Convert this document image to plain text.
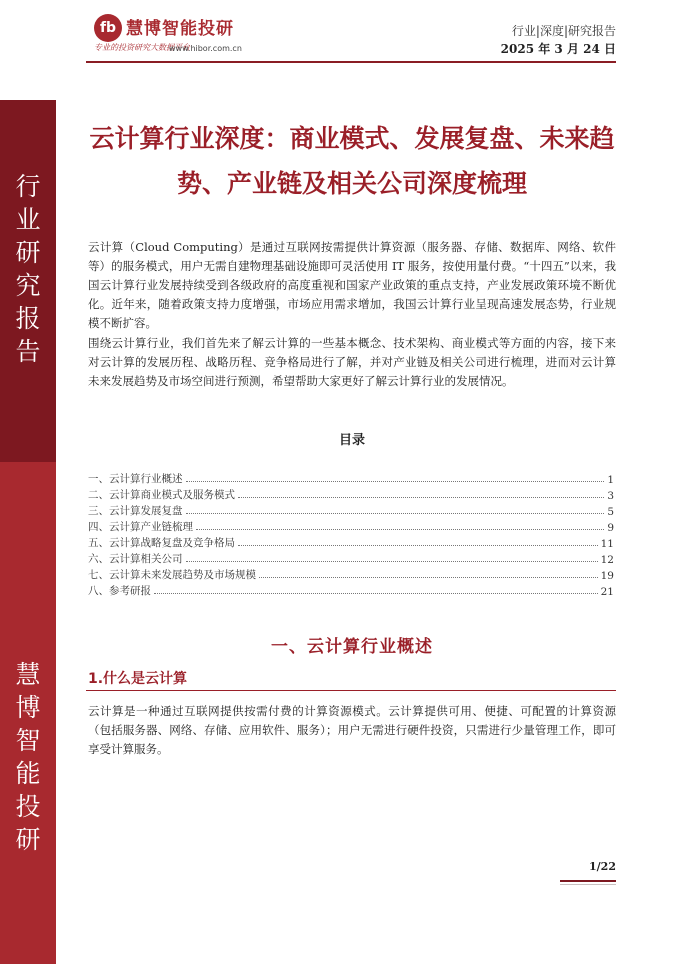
行业研究报告
慧博智能投研
fb 慧博智能投研
专业的投资研究大数据平台
www.hibor.com.cn
行业|深度|研究报告
2025 年 3 月 24 日
云计算行业深度：商业模式、发展复盘、未来趋势、产业链及相关公司深度梳理
云计算（Cloud Computing）是通过互联网按需提供计算资源（服务器、存储、数据库、网络、软件等）的服务模式，用户无需自建物理基础设施即可灵活使用 IT 服务，按使用量付费。“十四五”以来，我国云计算行业发展持续受到各级政府的高度重视和国家产业政策的重点支持，产业发展政策环境不断优化。近年来，随着政策支持力度增强，市场应用需求增加，我国云计算行业呈现高速发展态势，行业规模不断扩容。
围绕云计算行业，我们首先来了解云计算的一些基本概念、技术架构、商业模式等方面的内容，接下来对云计算的发展历程、战略历程、竞争格局进行了解，并对产业链及相关公司进行梳理，进而对云计算未来发展趋势及市场空间进行预测，希望帮助大家更好了解云计算行业的发展情况。
目录
一、云计算行业概述	1
二、云计算商业模式及服务模式	3
三、云计算发展复盘	5
四、云计算产业链梳理	9
五、云计算战略复盘及竞争格局	11
六、云计算相关公司	12
七、云计算未来发展趋势及市场规模	19
八、参考研报	21
一、云计算行业概述
1.什么是云计算
云计算是一种通过互联网提供按需付费的计算资源模式。云计算提供可用、便捷、可配置的计算资源（包括服务器、网络、存储、应用软件、服务）；用户无需进行硬件投资，只需进行少量管理工作，即可享受计算服务。
1/22
